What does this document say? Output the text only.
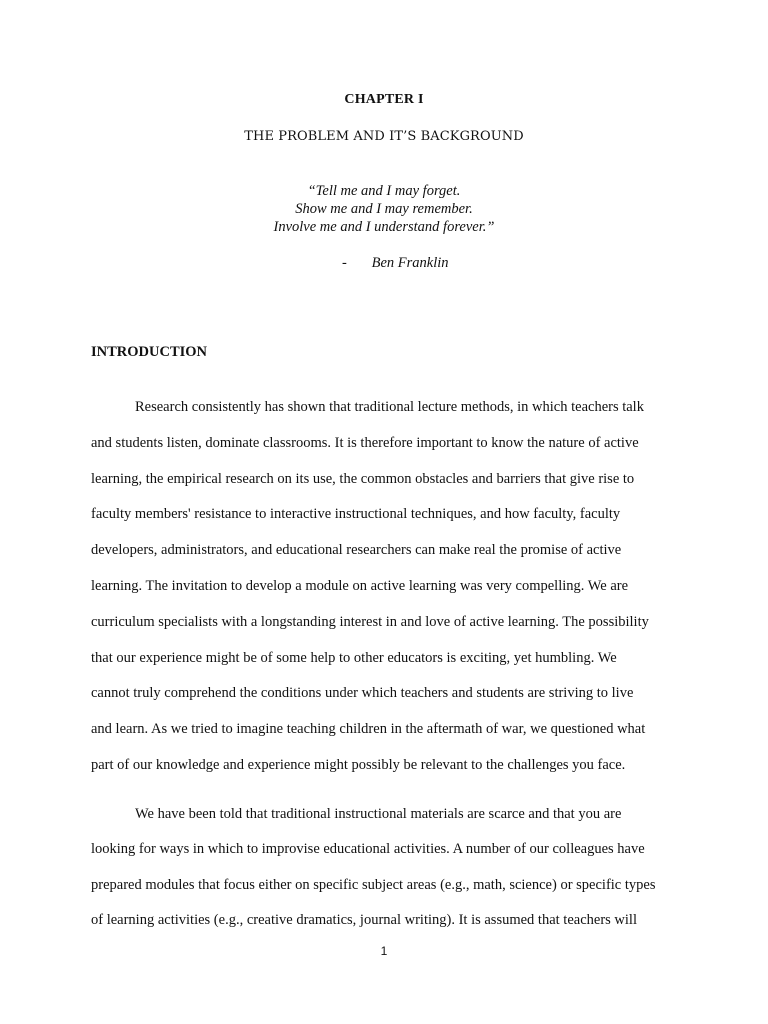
CHAPTER I
THE PROBLEM AND IT’S BACKGROUND
“Tell me and I may forget.
Show me and I may remember.
Involve me and I understand forever.”
- Ben Franklin
INTRODUCTION
Research consistently has shown that traditional lecture methods, in which teachers talk
and students listen, dominate classrooms. It is therefore important to know the nature of active
learning, the empirical research on its use, the common obstacles and barriers that give rise to
faculty members' resistance to interactive instructional techniques, and how faculty, faculty
developers, administrators, and educational researchers can make real the promise of active
learning. The invitation to develop a module on active learning was very compelling. We are
curriculum specialists with a longstanding interest in and love of active learning. The possibility
that our experience might be of some help to other educators is exciting, yet humbling. We
cannot truly comprehend the conditions under which teachers and students are striving to live
and learn. As we tried to imagine teaching children in the aftermath of war, we questioned what
part of our knowledge and experience might possibly be relevant to the challenges you face.
We have been told that traditional instructional materials are scarce and that you are
looking for ways in which to improvise educational activities. A number of our colleagues have
prepared modules that focus either on specific subject areas (e.g., math, science) or specific types
of learning activities (e.g., creative dramatics, journal writing). It is assumed that teachers will
1
